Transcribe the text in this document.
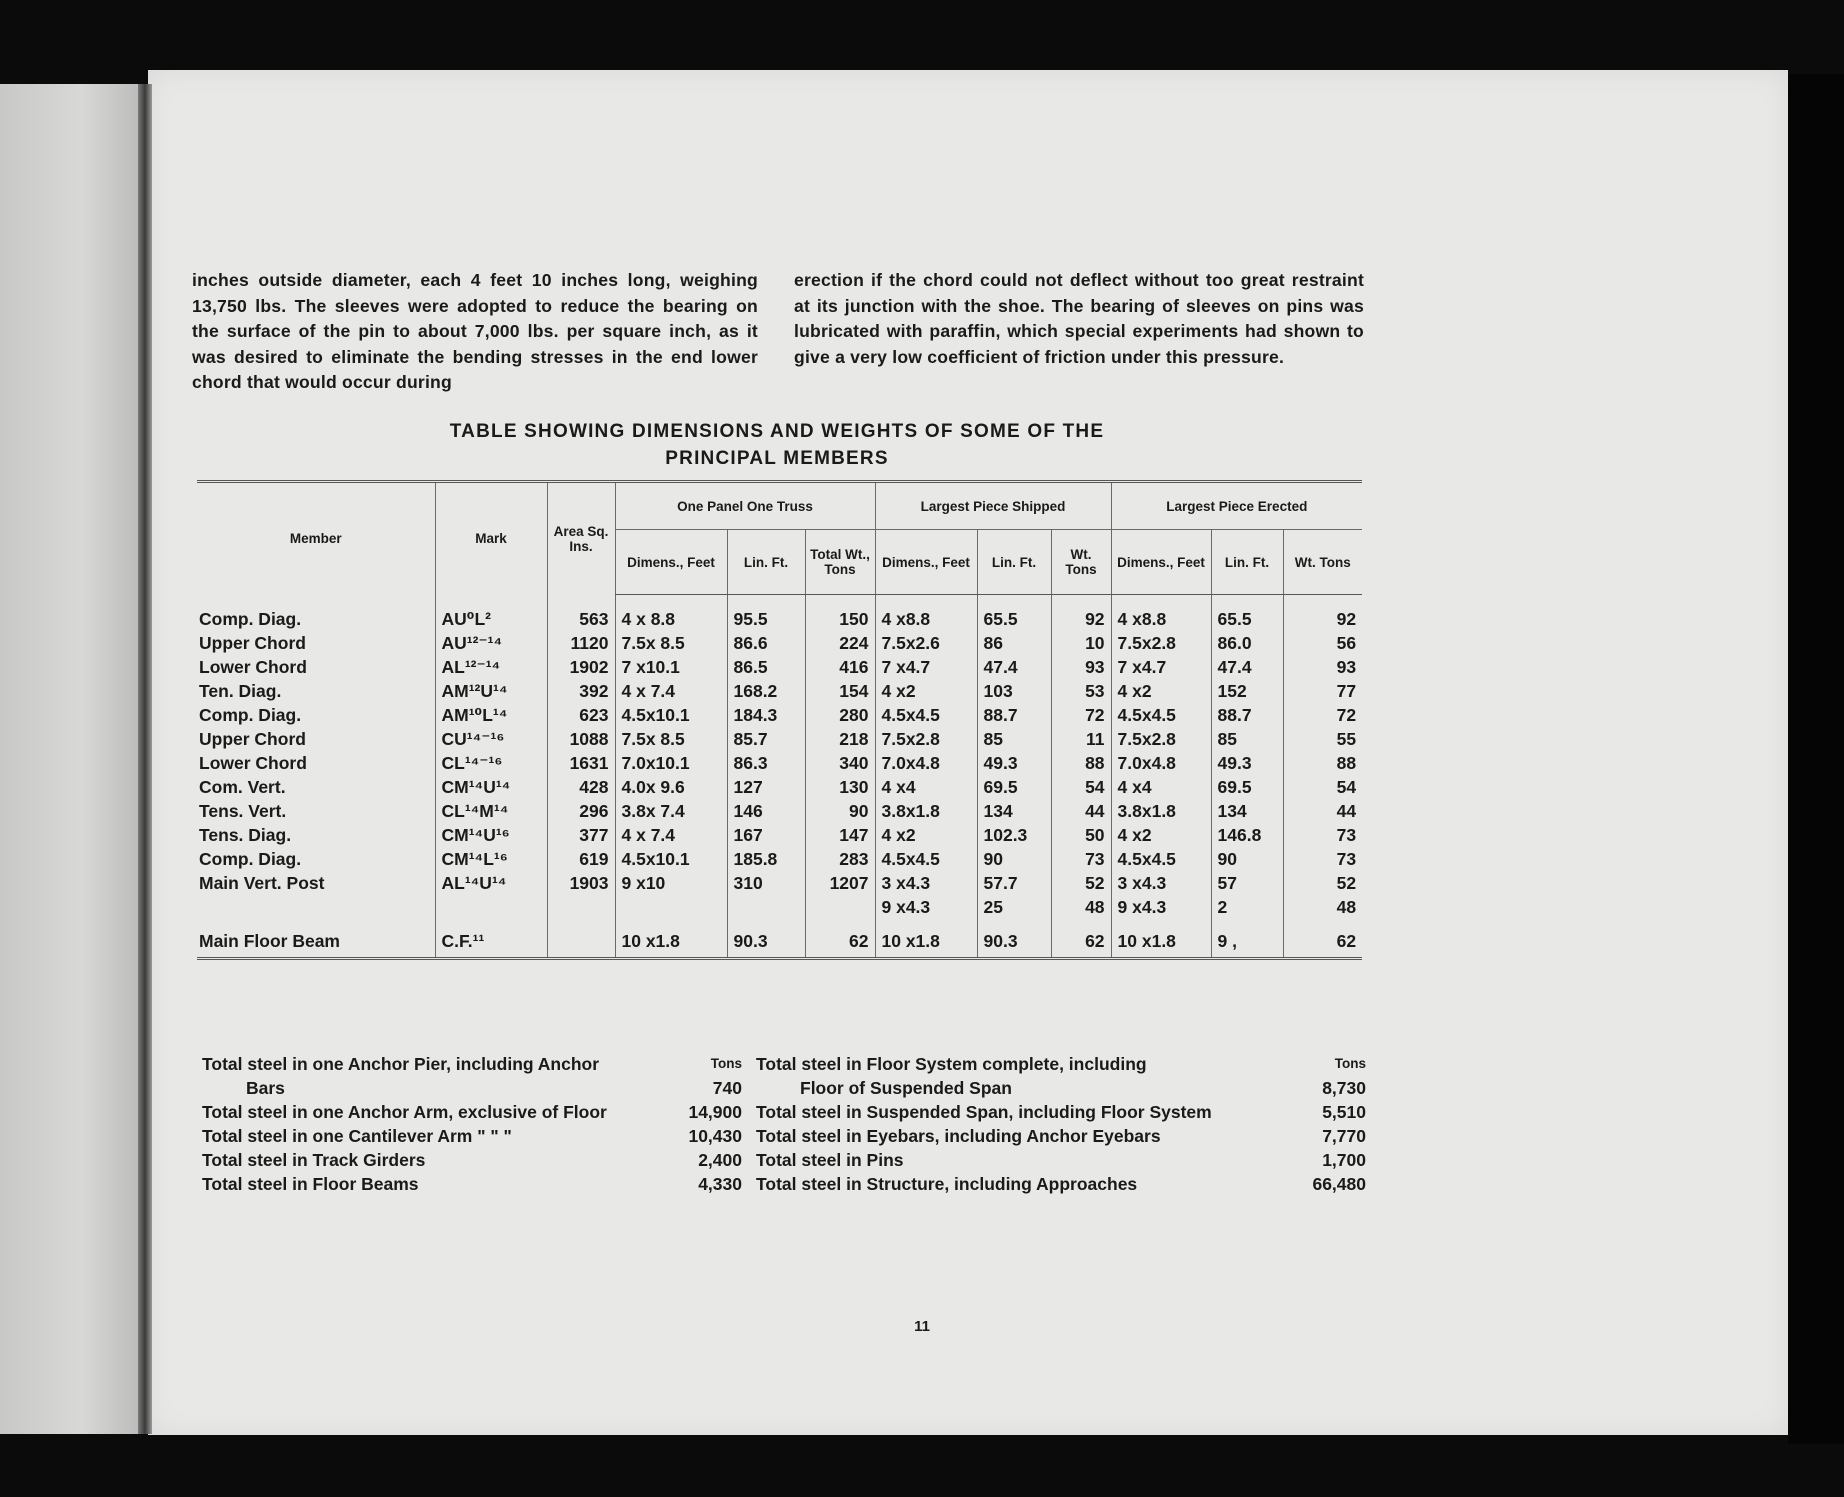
inches outside diameter, each 4 feet 10 inches long, weighing 13,750 lbs. The sleeves were adopted to reduce the bearing on the surface of the pin to about 7,000 lbs. per square inch, as it was desired to eliminate the bending stresses in the end lower chord that would occur during

erection if the chord could not deflect without too great restraint at its junction with the shoe. The bearing of sleeves on pins was lubricated with paraffin, which special experiments had shown to give a very low coefficient of friction under this pressure.

TABLE SHOWING DIMENSIONS AND WEIGHTS OF SOME OF THE
PRINCIPAL MEMBERS
Member	Mark	Area Sq. Ins.	One Panel One Truss			Largest Piece Shipped			Largest Piece Erected		
			Dimens., Feet	Lin. Ft.	Total Wt., Tons	Dimens., Feet	Lin. Ft.	Wt. Tons	Dimens., Feet	Lin. Ft.	Wt. Tons

Comp. Diag.	AU⁰L²	563	4 x 8.8	95.5	150	4 x8.8	65.5	92	4 x8.8	65.5	92
Upper Chord	AU¹²⁻¹⁴	1120	7.5x 8.5	86.6	224	7.5x2.6	86	10	7.5x2.8	86.0	56
Lower Chord	AL¹²⁻¹⁴	1902	7 x10.1	86.5	416	7 x4.7	47.4	93	7 x4.7	47.4	93
Ten. Diag.	AM¹²U¹⁴	392	4 x 7.4	168.2	154	4 x2	103	53	4 x2	152	77
Comp. Diag.	AM¹⁰L¹⁴	623	4.5x10.1	184.3	280	4.5x4.5	88.7	72	4.5x4.5	88.7	72
Upper Chord	CU¹⁴⁻¹⁶	1088	7.5x 8.5	85.7	218	7.5x2.8	85	11	7.5x2.8	85	55
Lower Chord	CL¹⁴⁻¹⁶	1631	7.0x10.1	86.3	340	7.0x4.8	49.3	88	7.0x4.8	49.3	88
Com. Vert.	CM¹⁴U¹⁴	428	4.0x 9.6	127	130	4 x4	69.5	54	4 x4	69.5	54
Tens. Vert.	CL¹⁴M¹⁴	296	3.8x 7.4	146	90	3.8x1.8	134	44	3.8x1.8	134	44
Tens. Diag.	CM¹⁴U¹⁶	377	4 x 7.4	167	147	4 x2	102.3	50	4 x2	146.8	73
Comp. Diag.	CM¹⁴L¹⁶	619	4.5x10.1	185.8	283	4.5x4.5	90	73	4.5x4.5	90	73
Main Vert. Post	AL¹⁴U¹⁴	1903	9 x10	310	1207	3 x4.3	57.7	52	3 x4.3	57	52
						9 x4.3	25	48	9 x4.3	2	48

Main Floor Beam	C.F.¹¹		10 x1.8	90.3	62	10 x1.8	90.3	62	10 x1.8	9 ,	62
Total steel in one Anchor Pier, including Anchor	Tons
Bars	740
Total steel in one Anchor Arm, exclusive of Floor	14,900
Total steel in one Cantilever Arm " " "	10,430
Total steel in Track Girders	2,400
Total steel in Floor Beams	4,330
Total steel in Floor System complete, including	Tons
Floor of Suspended Span	8,730
Total steel in Suspended Span, including Floor System	5,510
Total steel in Eyebars, including Anchor Eyebars	7,770
Total steel in Pins	1,700
Total steel in Structure, including Approaches	66,480

11
